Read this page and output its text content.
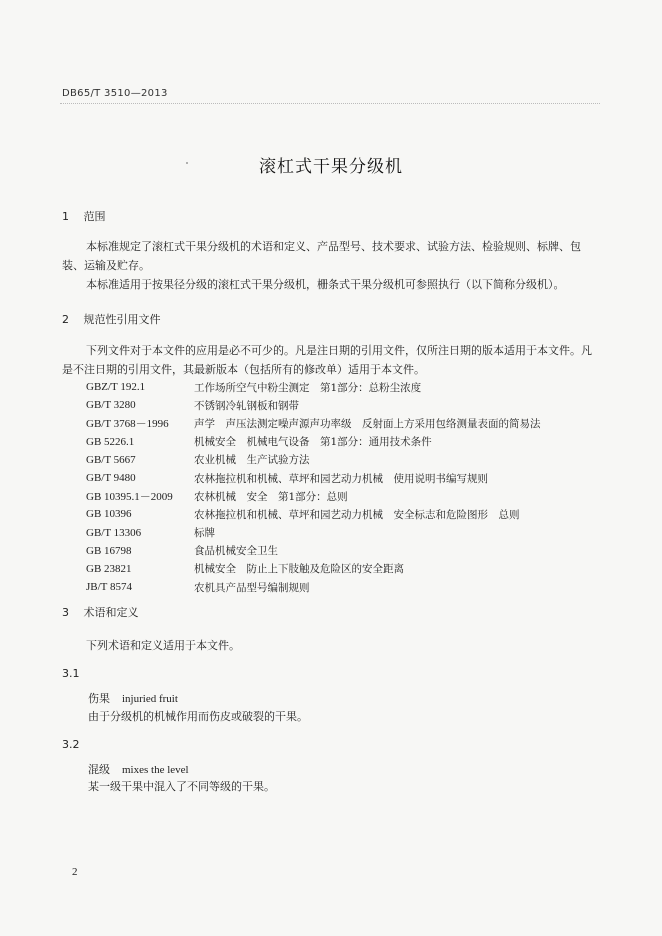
DB65/T 3510—2013
滚杠式干果分级机
1 范围
本标准规定了滚杠式干果分级机的术语和定义、产品型号、技术要求、试验方法、检验规则、标牌、包装、运输及贮存。
本标准适用于按果径分级的滚杠式干果分级机，栅条式干果分级机可参照执行（以下简称分级机）。
2 规范性引用文件
下列文件对于本文件的应用是必不可少的。凡是注日期的引用文件，仅所注日期的版本适用于本文件。凡是不注日期的引用文件，其最新版本（包括所有的修改单）适用于本文件。
GBZ/T 192.1	工作场所空气中粉尘测定　第1部分：总粉尘浓度
GB/T 3280	不锈钢冷轧钢板和钢带
GB/T 3768－1996	声学　声压法测定噪声源声功率级　反射面上方采用包络测量表面的简易法
GB 5226.1	机械安全　机械电气设备　第1部分：通用技术条件
GB/T 5667	农业机械　生产试验方法
GB/T 9480	农林拖拉机和机械、草坪和园艺动力机械　使用说明书编写规则
GB 10395.1－2009	农林机械　安全　第1部分：总则
GB 10396	农林拖拉机和机械、草坪和园艺动力机械　安全标志和危险图形　总则
GB/T 13306	标牌
GB 16798	食品机械安全卫生
GB 23821	机械安全　防止上下肢触及危险区的安全距离
JB/T 8574	农机具产品型号编制规则
3 术语和定义
下列术语和定义适用于本文件。
3.1
伤果 injuried fruit
由于分级机的机械作用而伤皮或破裂的干果。
3.2
混级 mixes the level
某一级干果中混入了不同等级的干果。
2
